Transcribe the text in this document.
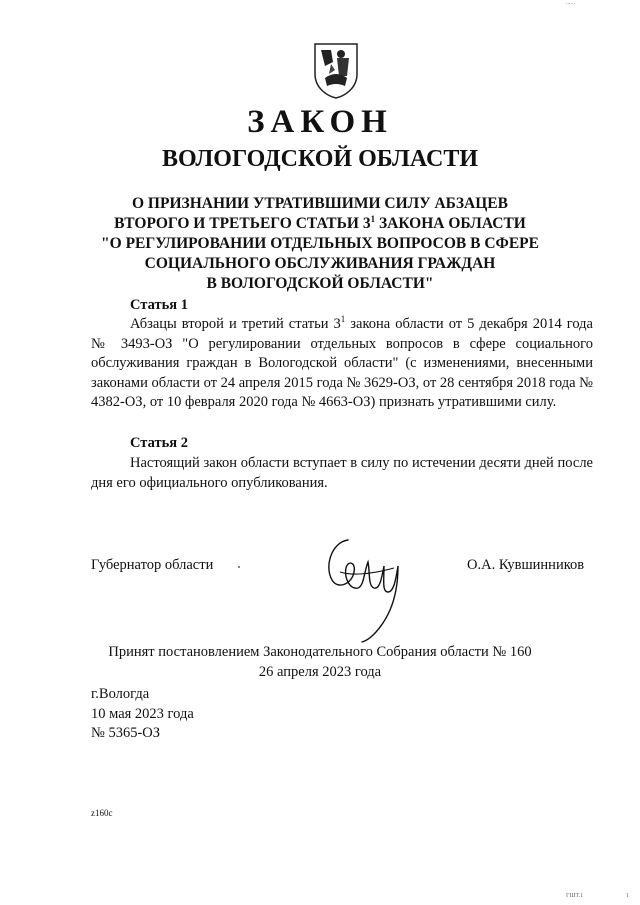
ЗАКОН
ВОЛОГОДСКОЙ ОБЛАСТИ
О ПРИЗНАНИИ УТРАТИВШИМИ СИЛУ АБЗАЦЕВ
ВТОРОГО И ТРЕТЬЕГО СТАТЬИ $3^1$ ЗАКОНА ОБЛАСТИ
"О РЕГУЛИРОВАНИИ ОТДЕЛЬНЫХ ВОПРОСОВ В СФЕРЕ
СОЦИАЛЬНОГО ОБСЛУЖИВАНИЯ ГРАЖДАН
В ВОЛОГОДСКОЙ ОБЛАСТИ"
Статья 1
Абзацы второй и третий статьи $3^1$ закона области от 5 декабря 2014 года № 3493-ОЗ "О регулировании отдельных вопросов в сфере социального обслуживания граждан в Вологодской области" (с изменениями, внесенными законами области от 24 апреля 2015 года № 3629-ОЗ, от 28 сентября 2018 года № 4382-ОЗ, от 10 февраля 2020 года № 4663-ОЗ) признать утратившими силу.
Статья 2
Настоящий закон области вступает в силу по истечении десяти дней после дня его официального опубликования.
Губернатор области	О.А. Кувшинников
Принят постановлением Законодательного Собрания области № 160
26 апреля 2023 года
г.Вологда
10 мая 2023 года
№ 5365-ОЗ
z160c
......
ГШТ.1	1
